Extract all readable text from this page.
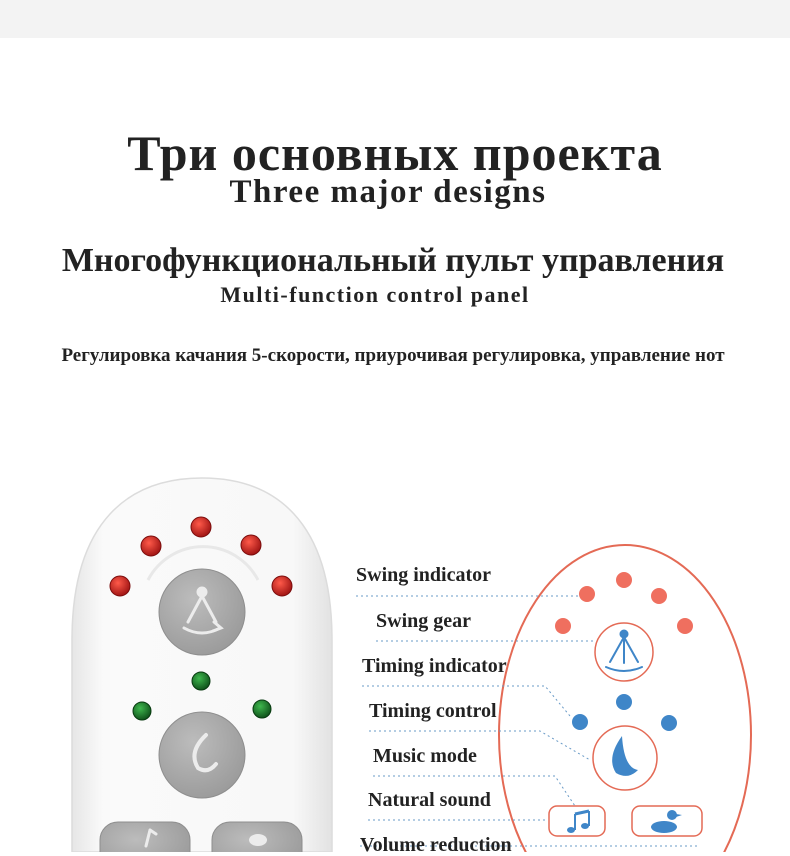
Три основных проекта
Three major designs
Многофункциональный пульт управления
Multi-function control panel
Регулировка качания 5-скорости, приурочивая регулировка, управление нот
Swing indicator
Swing gear
Timing indicator
Timing control
Music mode
Natural sound
Volume reduction
